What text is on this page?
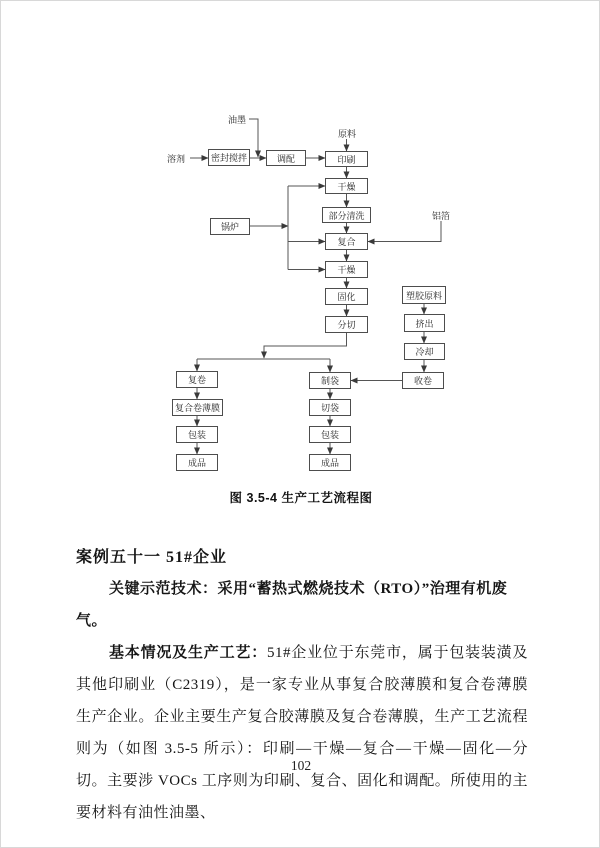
油墨
溶剂
原料
铝箔
密封搅拌	调配	印刷
干燥
部分清洗
复合
干燥
固化
分切
锅炉
塑胶原料
挤出
冷却
收卷
复卷
复合卷薄膜
包装
成品
制袋
切袋
包装
成品
图 3.5-4 生产工艺流程图
案例五十一 51#企业

关键示范技术：采用“蓄热式燃烧技术（RTO）”治理有机废气。

基本情况及生产工艺：51#企业位于东莞市，属于包装装潢及其他印刷业（C2319），是一家专业从事复合胶薄膜和复合卷薄膜生产企业。企业主要生产复合胶薄膜及复合卷薄膜，生产工艺流程则为（如图 3.5-5 所示）：印刷—干燥—复合—干燥—固化—分切。主要涉 VOCs 工序则为印刷、复合、固化和调配。所使用的主要材料有油性油墨、

102
